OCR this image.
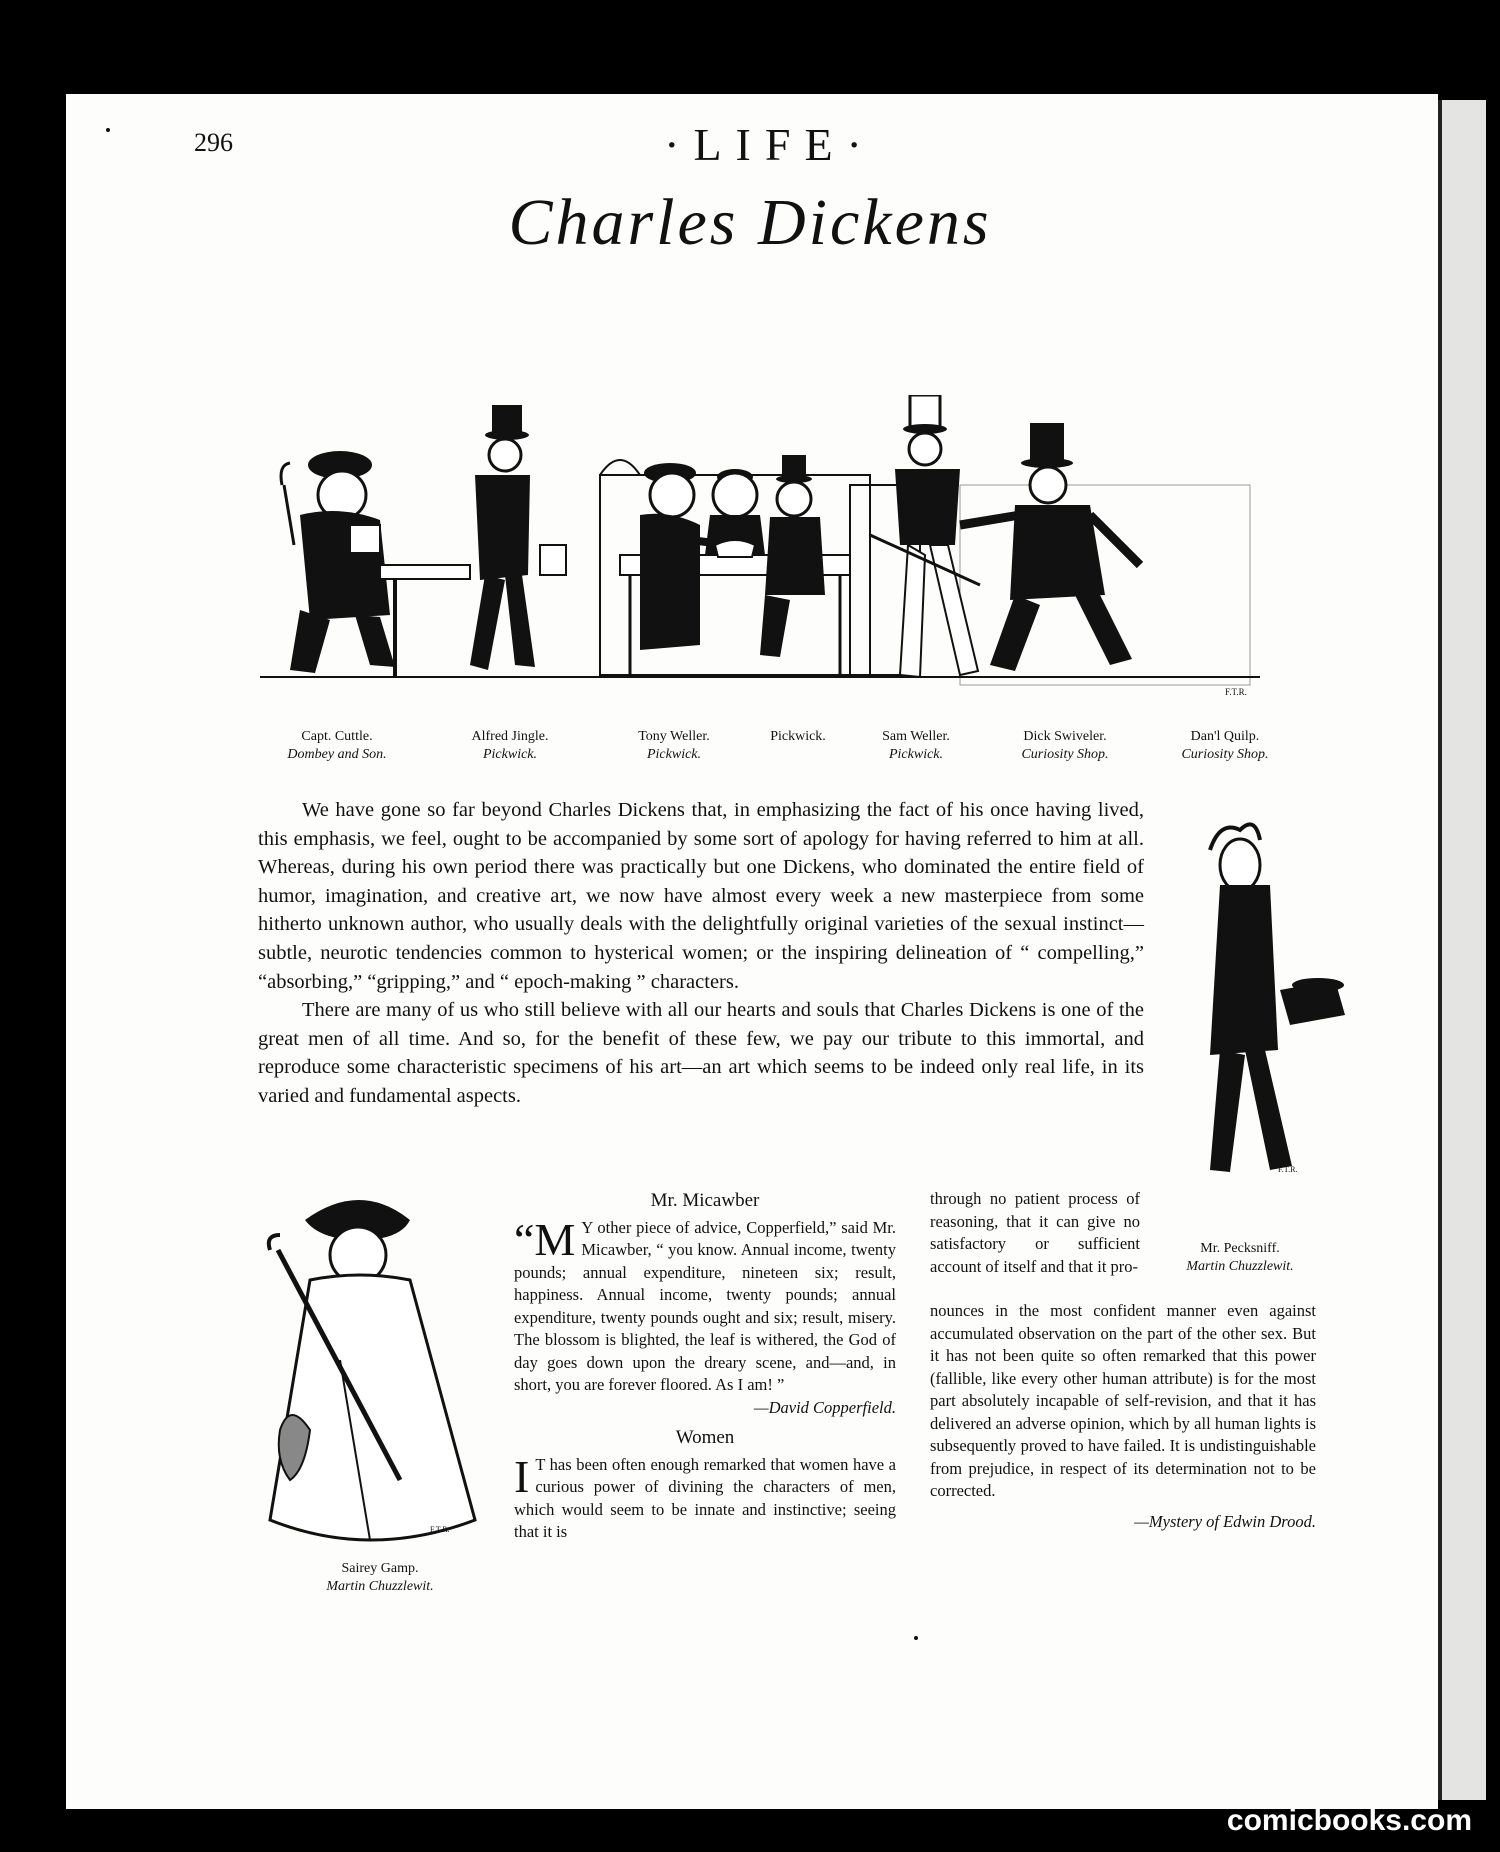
296	·LIFE·
Charles Dickens
F.T.R.
Capt. Cuttle.
Dombey and Son.
Alfred Jingle.
Pickwick.
Tony Weller.
Pickwick.
Pickwick.	Sam Weller.
Pickwick.
Dick Swiveler.
Curiosity Shop.
Dan'l Quilp.
Curiosity Shop.

We have gone so far beyond Charles Dickens that, in emphasizing the fact of his once having lived, this emphasis, we feel, ought to be accompanied by some sort of apology for having referred to him at all. Whereas, during his own period there was practically but one Dickens, who dominated the entire field of humor, imagination, and creative art, we now have almost every week a new masterpiece from some hitherto unknown author, who usually deals with the delightfully original varieties of the sexual instinct—subtle, neurotic tendencies common to hysterical women; or the inspiring delineation of “ compelling,” “absorbing,” “gripping,” and “ epoch-making ” characters.

There are many of us who still believe with all our hearts and souls that Charles Dickens is one of the great men of all time. And so, for the benefit of these few, we pay our tribute to this immortal, and reproduce some characteristic specimens of his art—an art which seems to be indeed only real life, in its varied and fundamental aspects.

F.T.R.
Mr. Pecksniff.
Martin Chuzzlewit.
F.T.R.
Sairey Gamp.
Martin Chuzzlewit.
Mr. Micawber

“M Y other piece of advice, Copperfield,” said Mr. Micawber, “ you know. Annual income, twenty pounds; annual expenditure, nineteen six; result, happiness. Annual income, twenty pounds; annual expenditure, twenty pounds ought and six; result, misery. The blossom is blighted, the leaf is withered, the God of day goes down upon the dreary scene, and—and, in short, you are forever floored. As I am! ”

—David Copperfield.

Women

I T has been often enough remarked that women have a curious power of divining the characters of men, which would seem to be innate and instinctive; seeing that it is

through no patient process of reasoning, that it can give no satisfactory or sufficient account of itself and that it pro-

nounces in the most confident manner even against accumulated observation on the part of the other sex. But it has not been quite so often remarked that this power (fallible, like every other human attribute) is for the most part absolutely incapable of self-revision, and that it has delivered an adverse opinion, which by all human lights is subsequently proved to have failed. It is undistinguishable from prejudice, in respect of its determination not to be corrected.

—Mystery of Edwin Drood.

comicbooks.com
